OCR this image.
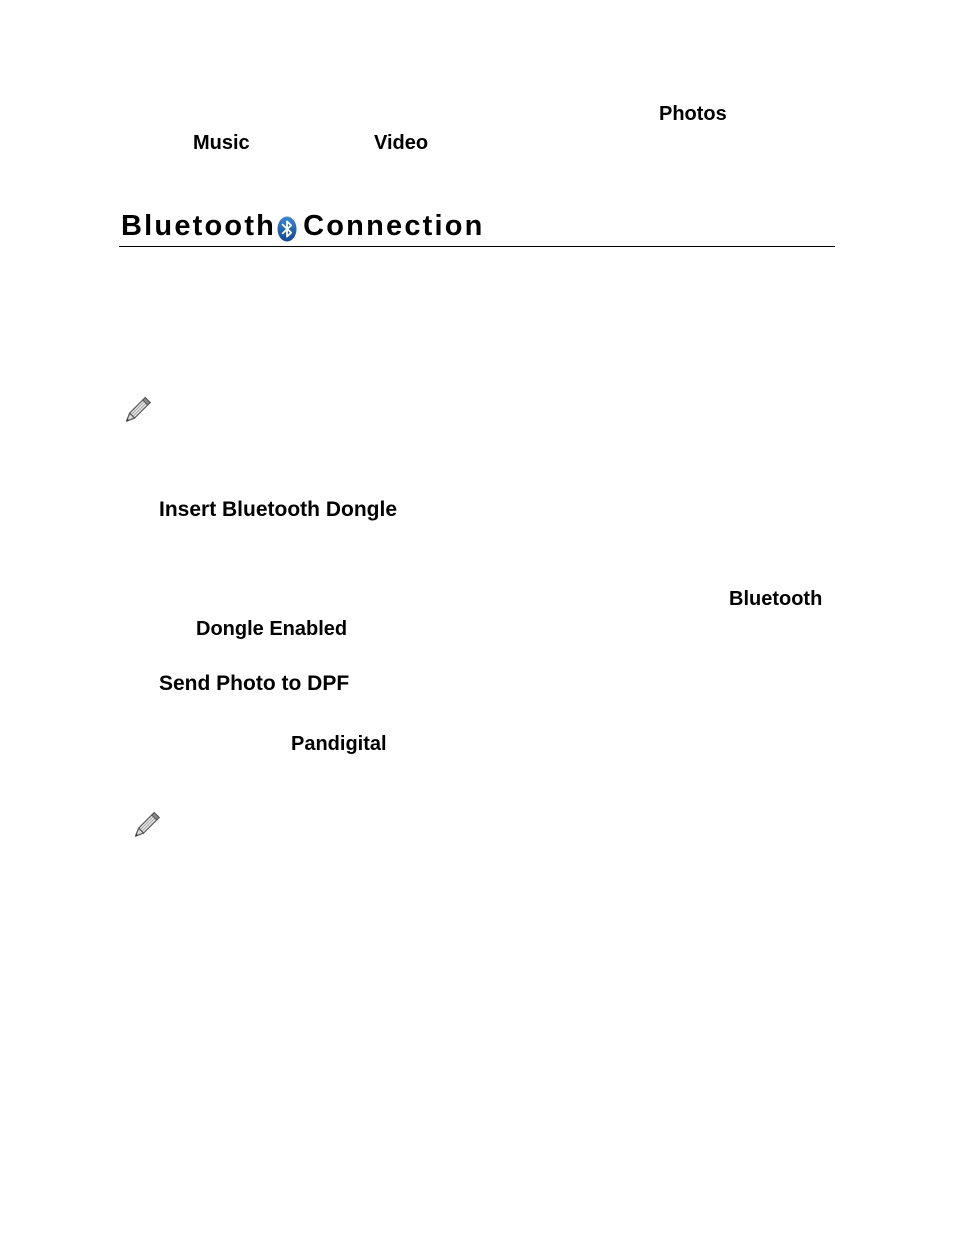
Photos
Music	Video
Bluetooth Connection
Insert Bluetooth Dongle
Bluetooth
Dongle Enabled
Send Photo to DPF
Pandigital
